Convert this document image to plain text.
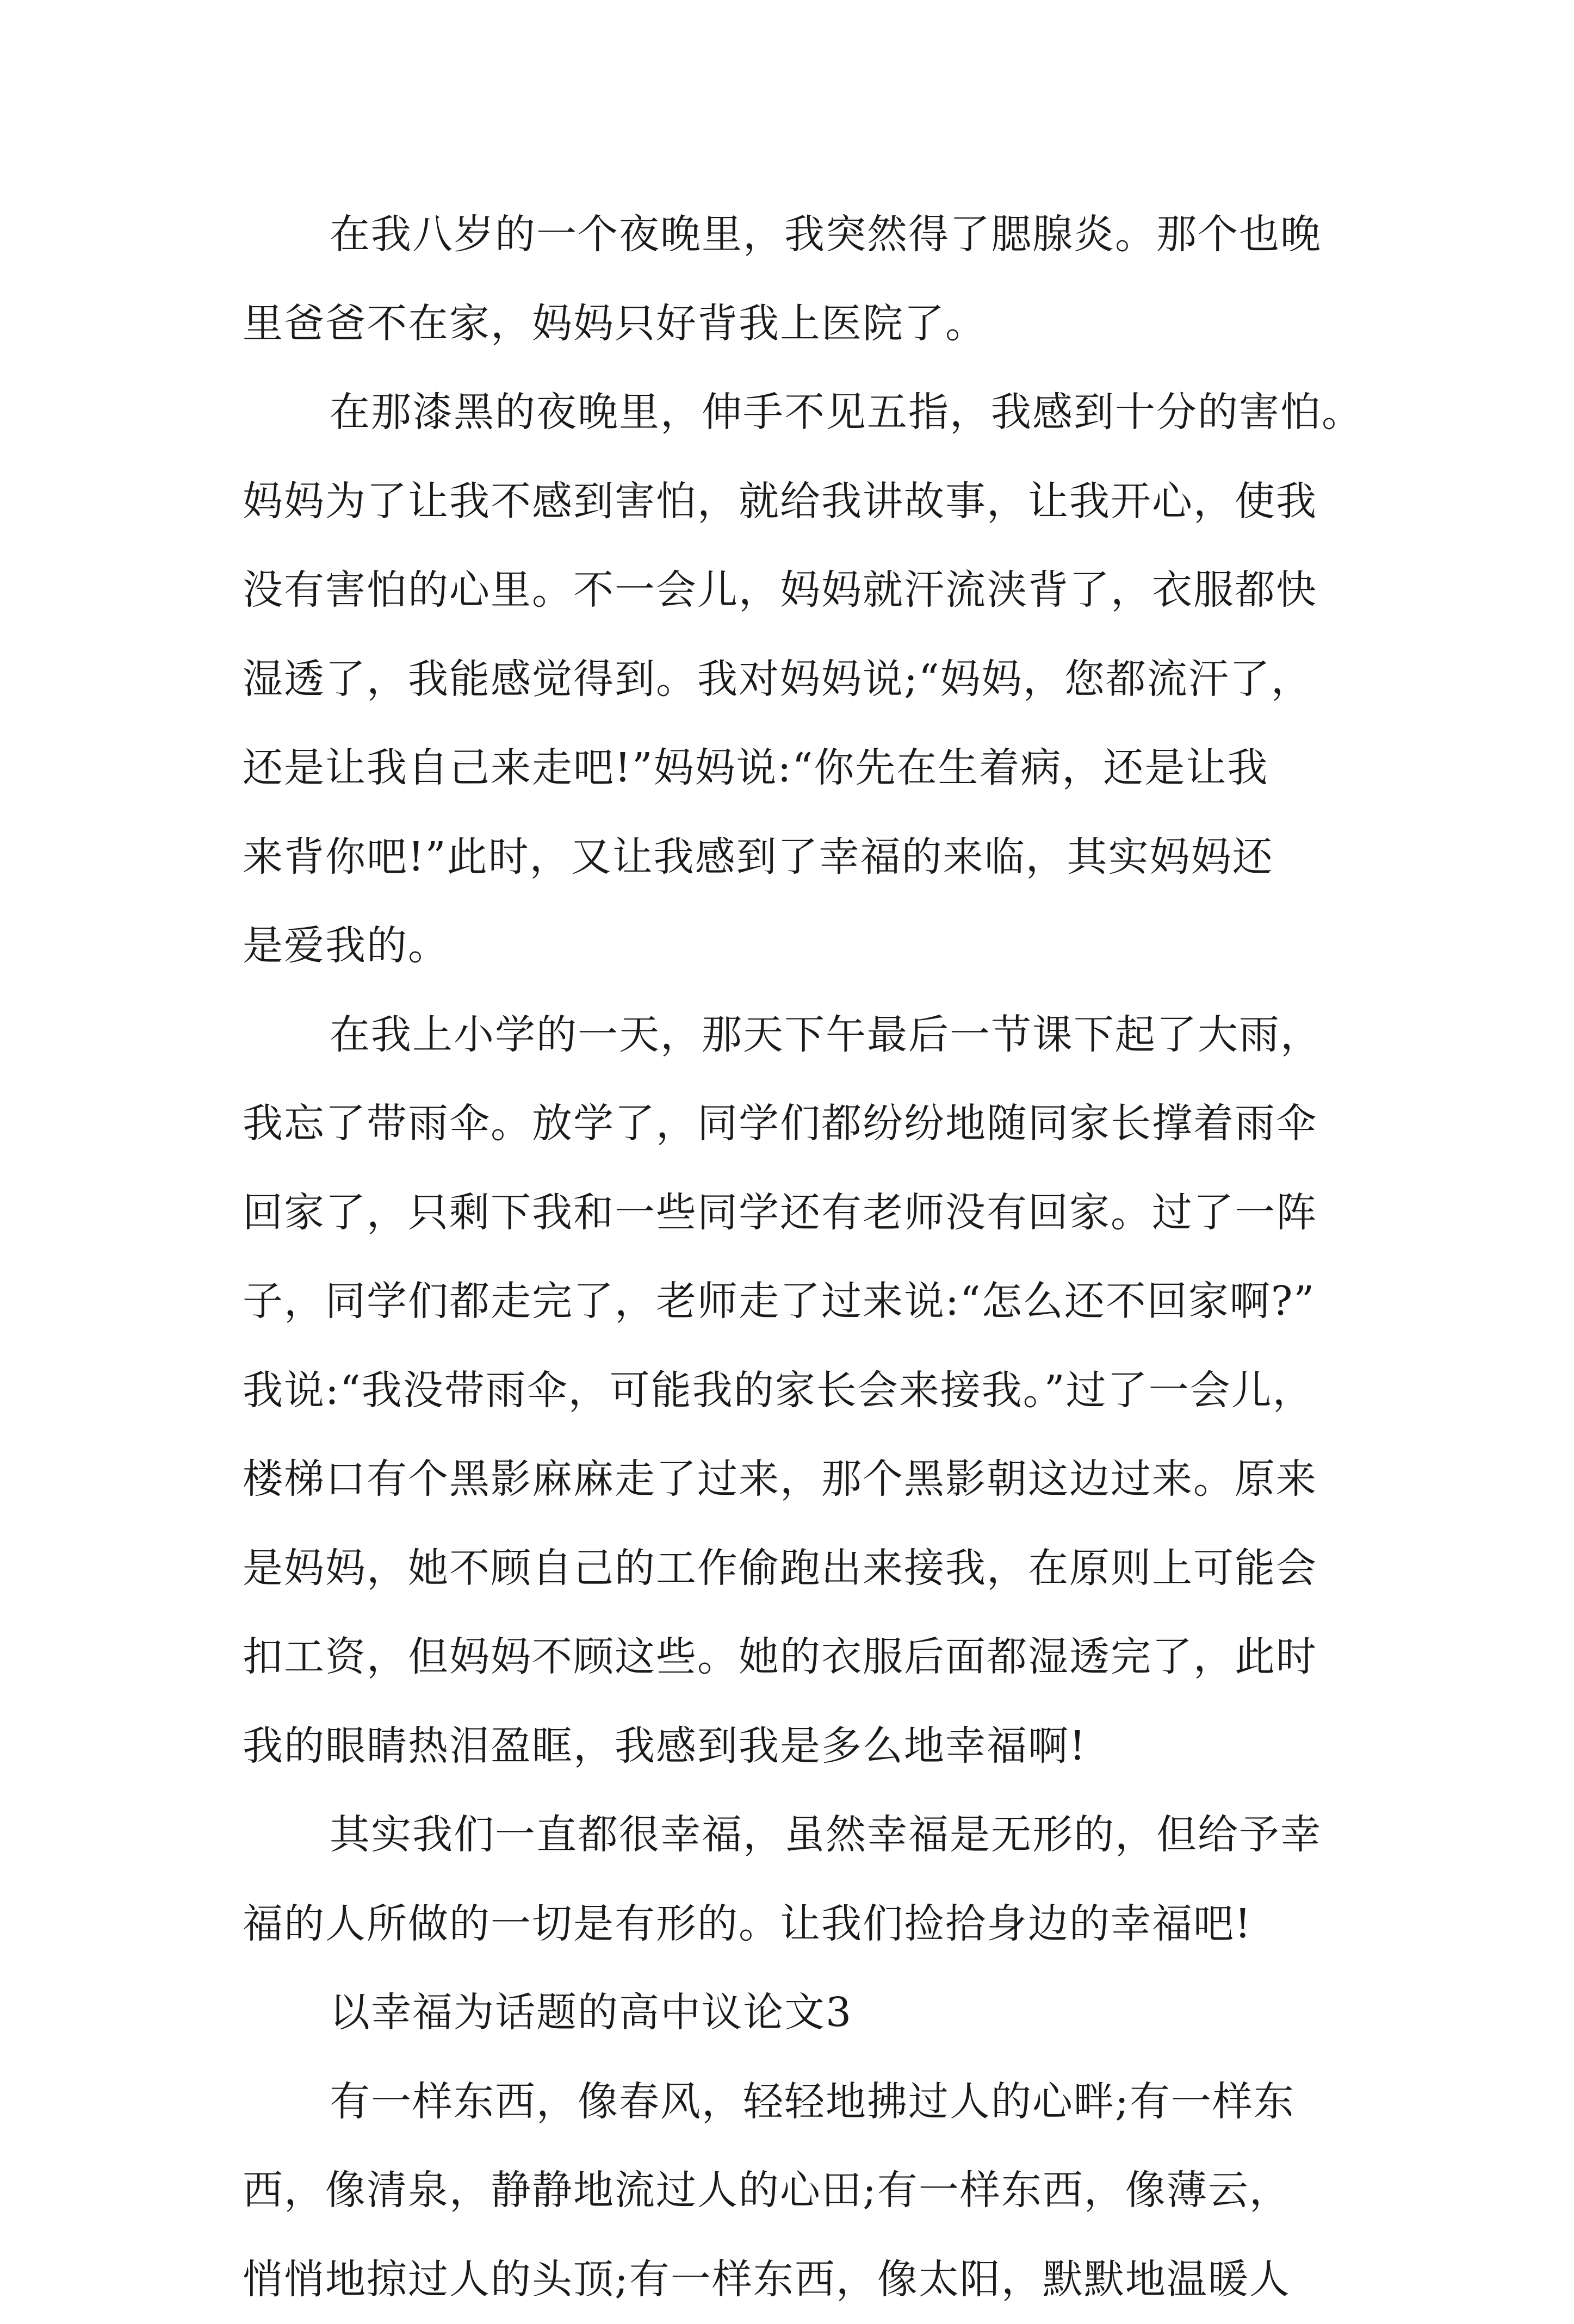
在我八岁的一个夜晚里，我突然得了腮腺炎。那个也晚
里爸爸不在家，妈妈只好背我上医院了。
在那漆黑的夜晚里，伸手不见五指，我感到十分的害怕。
妈妈为了让我不感到害怕，就给我讲故事，让我开心，使我
没有害怕的心里。不一会儿，妈妈就汗流浃背了，衣服都快
湿透了，我能感觉得到。我对妈妈说;“妈妈，您都流汗了，
还是让我自己来走吧!”妈妈说:“你先在生着病，还是让我
来背你吧!”此时，又让我感到了幸福的来临，其实妈妈还
是爱我的。
在我上小学的一天，那天下午最后一节课下起了大雨，
我忘了带雨伞。放学了，同学们都纷纷地随同家长撑着雨伞
回家了，只剩下我和一些同学还有老师没有回家。过了一阵
子，同学们都走完了，老师走了过来说:“怎么还不回家啊?”
我说:“我没带雨伞，可能我的家长会来接我。”过了一会儿，
楼梯口有个黑影麻麻走了过来，那个黑影朝这边过来。原来
是妈妈，她不顾自己的工作偷跑出来接我，在原则上可能会
扣工资，但妈妈不顾这些。她的衣服后面都湿透完了，此时
我的眼睛热泪盈眶，我感到我是多么地幸福啊!
其实我们一直都很幸福，虽然幸福是无形的，但给予幸
福的人所做的一切是有形的。让我们捡拾身边的幸福吧!
以幸福为话题的高中议论文3
有一样东西，像春风，轻轻地拂过人的心畔;有一样东
西，像清泉，静静地流过人的心田;有一样东西，像薄云，
悄悄地掠过人的头顶;有一样东西，像太阳，默默地温暖人
